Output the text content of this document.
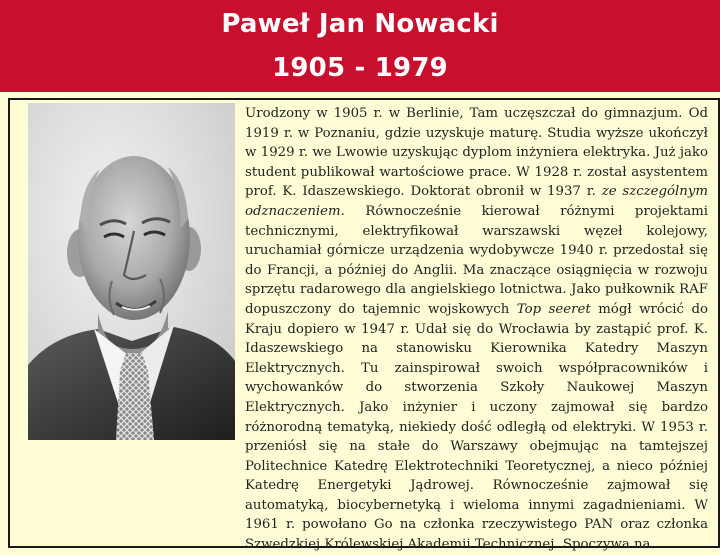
Paweł Jan Nowacki
1905 - 1979
Urodzony w 1905 r. w Berlinie, Tam uczęszczał do gimnazjum. Od 1919 r. w Poznaniu, gdzie uzyskuje maturę. Studia wyższe ukończył w 1929 r. we Lwowie uzyskując dyplom inżyniera elektryka. Już jako student publikował wartościowe prace. W 1928 r. został asystentem prof. K. Idaszewskiego. Doktorat obronił w 1937 r. ze szczególnym odznaczeniem. Równocześnie kierował różnymi projektami technicznymi, elektryfikował warszawski węzeł kolejowy, uruchamiał górnicze urządzenia wydobywcze 1940 r. przedostał się do Francji, a później do Anglii. Ma znaczące osiągnięcia w rozwoju sprzętu radarowego dla angielskiego lotnictwa. Jako pułkownik RAF dopuszczony do tajemnic wojskowych Top seeret mógł wrócić do Kraju dopiero w 1947 r. Udał się do Wrocławia by zastąpić prof. K. Idaszewskiego na stanowisku Kierownika Katedry Maszyn Elektrycznych. Tu zainspirował swoich współpracowników i wychowanków do stworzenia Szkoły Naukowej Maszyn Elektrycznych. Jako inżynier i uczony zajmował się bardzo różnorodną tematyką, niekiedy dość odległą od elektryki. W 1953 r. przeniósł się na stałe do Warszawy obejmując na tamtejszej Politechnice Katedrę Elektrotechniki Teoretycznej, a nieco później Katedrę Energetyki Jądrowej. Równocześnie zajmował się automatyką, biocybernetyką i wieloma innymi zagadnieniami. W 1961 r. powołano Go na członka rzeczywistego PAN oraz członka Szwedzkiej Królewskiej Akademii Technicznej. Spoczywa na
